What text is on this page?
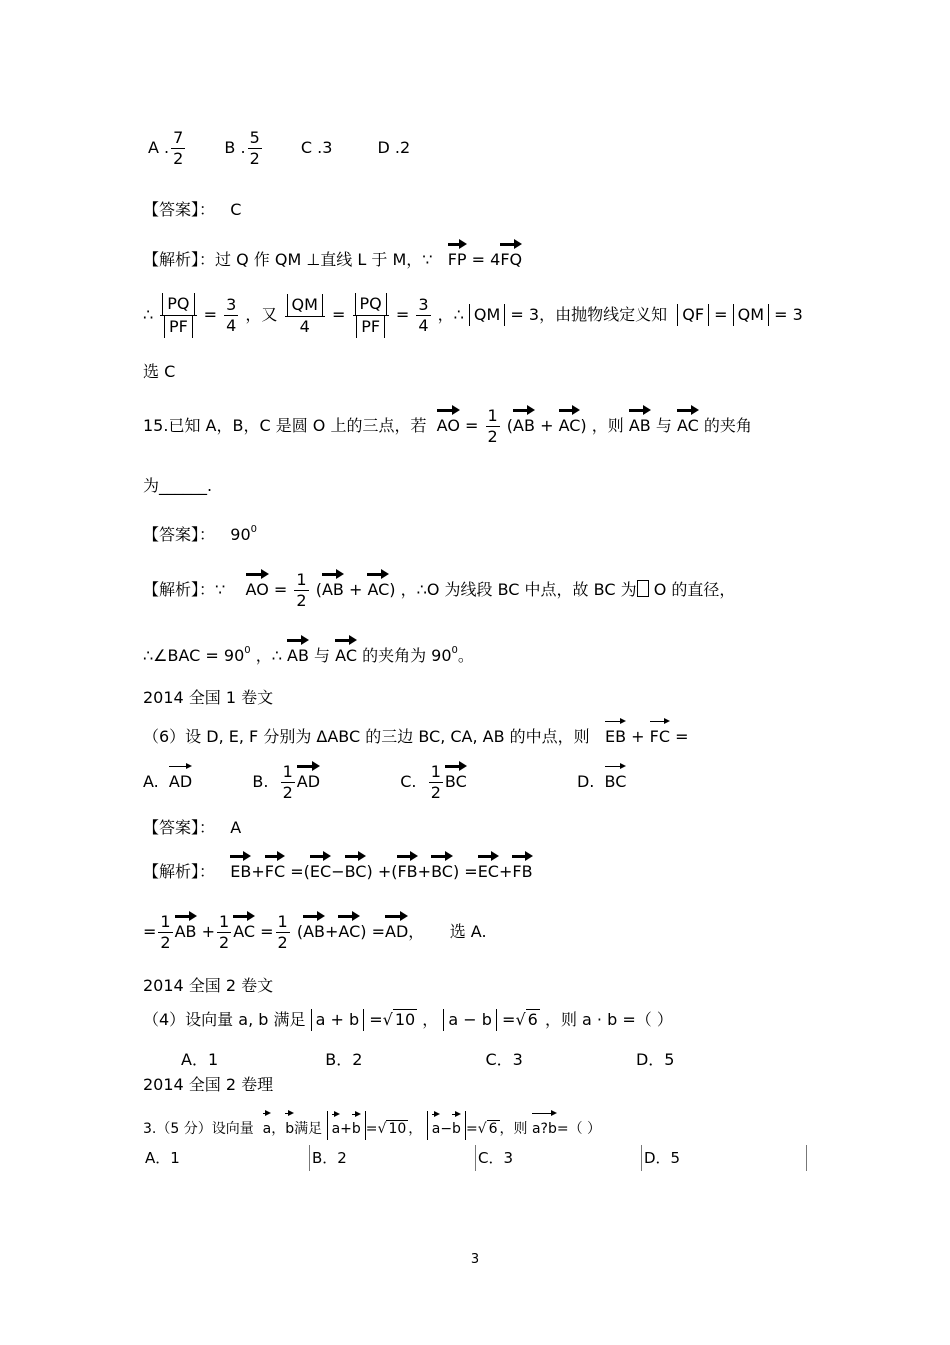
A . $\frac{7}{2}$ B . $\frac{5}{2}$ C .3	D .2
【答案】： C
【解析】：过 Q 作 QM ⊥直线 L 于 M，∵ FP = 4FQ
∴ $\frac{PQ}{PF} = \frac{3}{4}$ ，又 $\frac{QM}{4} = \frac{PQ}{PF} = \frac{3}{4}$ ，∴ QM = 3，由抛物线定义知 QF = QM = 3
选 C
15.已知 A，B，C 是圆 O 上的三点，若 AO = $\frac{1}{2} (AB + AC)$ ，则 AB 与 AC 的夹角
为______.
【答案】： $90^0$
【解析】：∵ AO = $\frac{1}{2} (AB + AC)$ ，∴O 为线段 BC 中点，故 BC 为 O 的直径，
∴∠BAC = $90^0$ ，∴ AB 与 AC 的夹角为 $90^0$。
2014 全国 1 卷文
（6）设 D, E, F 分别为 ΔABC 的三边 BC, CA, AB 的中点，则 EB + FC =
A. AD	B. $\frac{1}{2}$ AD	C. $\frac{1}{2}$ BC	D. BC
【答案】： A
【解析】： EB+FC =(EC−BC) +(FB+BC) =EC+FB
= $\frac{1}{2}$ AB + $\frac{1}{2}$ AC = $\frac{1}{2} (AB+AC) =AD$， 选 A.
2014 全国 2 卷文
（4）设向量 a, b 满足 a + b =√ 10 ， a − b =√ 6 ，则 a · b =（ ）
A．1	B．2	C．3	D．5
2014 全国 2 卷理
3.（5 分）设向量 a，b满足 a+b =√ 10 ， a−b =√ 6 ，则 a?b=（ ）
A．1	B．2	C．3	D．5
3
